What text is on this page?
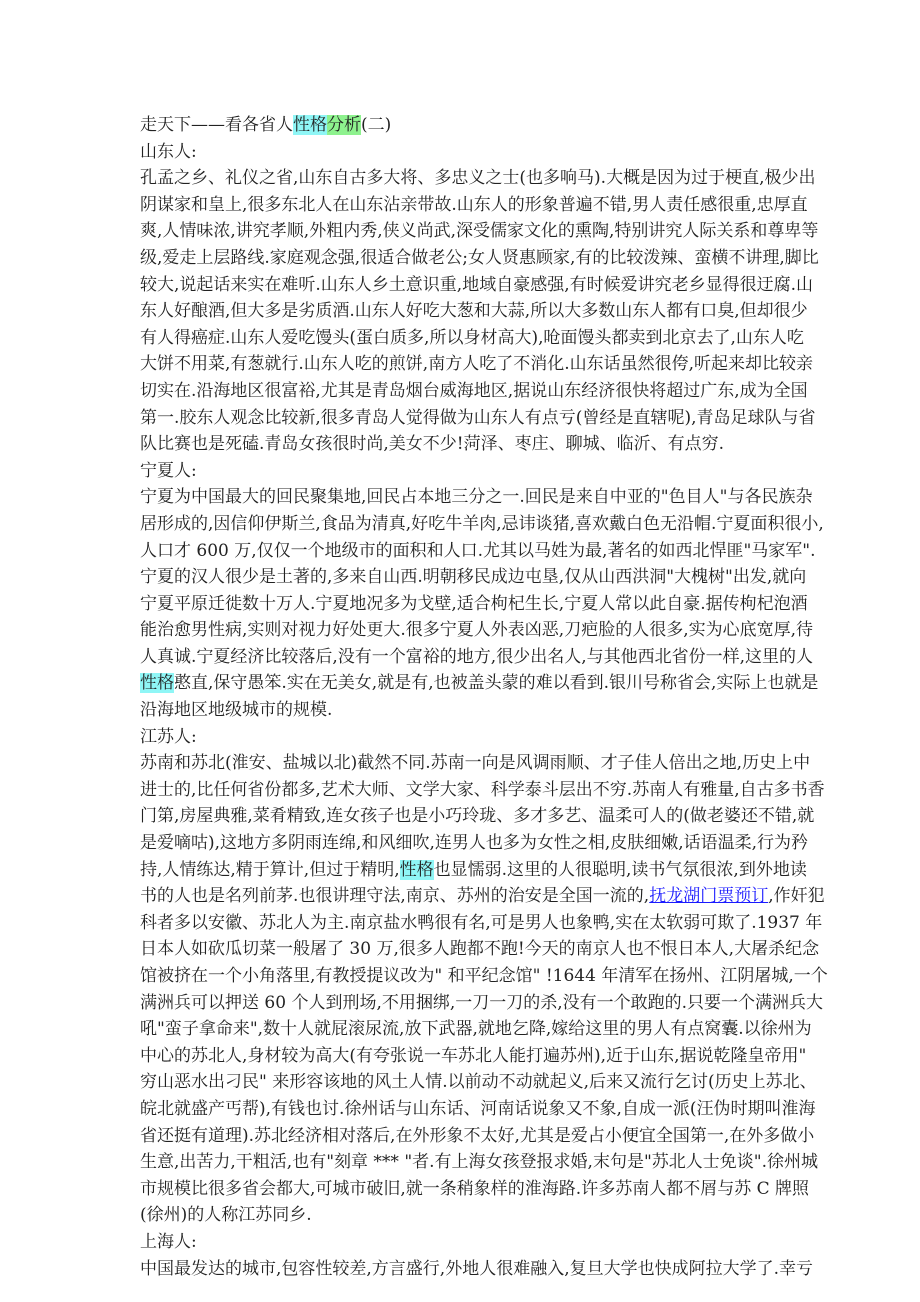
走天下——看各省人性格分析(二)
山东人:
孔孟之乡、礼仪之省,山东自古多大将、多忠义之士(也多响马).大概是因为过于梗直,极少出
阴谋家和皇上,很多东北人在山东沾亲带故.山东人的形象普遍不错,男人责任感很重,忠厚直
爽,人情味浓,讲究孝顺,外粗内秀,侠义尚武,深受儒家文化的熏陶,特别讲究人际关系和尊卑等
级,爱走上层路线.家庭观念强,很适合做老公;女人贤惠顾家,有的比较泼辣、蛮横不讲理,脚比
较大,说起话来实在难听.山东人乡土意识重,地域自豪感强,有时候爱讲究老乡显得很迂腐.山
东人好酿酒,但大多是劣质酒.山东人好吃大葱和大蒜,所以大多数山东人都有口臭,但却很少
有人得癌症.山东人爱吃馒头(蛋白质多,所以身材高大),呛面馒头都卖到北京去了,山东人吃
大饼不用菜,有葱就行.山东人吃的煎饼,南方人吃了不消化.山东话虽然很侉,听起来却比较亲
切实在.沿海地区很富裕,尤其是青岛烟台威海地区,据说山东经济很快将超过广东,成为全国
第一.胶东人观念比较新,很多青岛人觉得做为山东人有点亏(曾经是直辖呢),青岛足球队与省
队比赛也是死磕.青岛女孩很时尚,美女不少!菏泽、枣庄、聊城、临沂、有点穷.
宁夏人:
宁夏为中国最大的回民聚集地,回民占本地三分之一.回民是来自中亚的"色目人"与各民族杂
居形成的,因信仰伊斯兰,食品为清真,好吃牛羊肉,忌讳谈猪,喜欢戴白色无沿帽.宁夏面积很小,
人口才 600 万,仅仅一个地级市的面积和人口.尤其以马姓为最,著名的如西北悍匪"马家军".
宁夏的汉人很少是土著的,多来自山西.明朝移民成边屯垦,仅从山西洪洞"大槐树"出发,就向
宁夏平原迁徙数十万人.宁夏地况多为戈壁,适合枸杞生长,宁夏人常以此自豪.据传枸杞泡酒
能治愈男性病,实则对视力好处更大.很多宁夏人外表凶恶,刀疤脸的人很多,实为心底宽厚,待
人真诚.宁夏经济比较落后,没有一个富裕的地方,很少出名人,与其他西北省份一样,这里的人
性格憨直,保守愚笨.实在无美女,就是有,也被盖头蒙的难以看到.银川号称省会,实际上也就是
沿海地区地级城市的规模.
江苏人:
苏南和苏北(淮安、盐城以北)截然不同.苏南一向是风调雨顺、才子佳人倍出之地,历史上中
进士的,比任何省份都多,艺术大师、文学大家、科学泰斗层出不穷.苏南人有雅量,自古多书香
门第,房屋典雅,菜肴精致,连女孩子也是小巧玲珑、多才多艺、温柔可人的(做老婆还不错,就
是爱嘀咕),这地方多阴雨连绵,和风细吹,连男人也多为女性之相,皮肤细嫩,话语温柔,行为矜
持,人情练达,精于算计,但过于精明,性格也显懦弱.这里的人很聪明,读书气氛很浓,到外地读
书的人也是名列前茅.也很讲理守法,南京、苏州的治安是全国一流的,抚龙湖门票预订,作奸犯
科者多以安徽、苏北人为主.南京盐水鸭很有名,可是男人也象鸭,实在太软弱可欺了.1937 年
日本人如砍瓜切菜一般屠了 30 万,很多人跑都不跑!今天的南京人也不恨日本人,大屠杀纪念
馆被挤在一个小角落里,有教授提议改为" 和平纪念馆" !1644 年清军在扬州、江阴屠城,一个
满洲兵可以押送 60 个人到刑场,不用捆绑,一刀一刀的杀,没有一个敢跑的.只要一个满洲兵大
吼"蛮子拿命来",数十人就屁滚尿流,放下武器,就地乞降,嫁给这里的男人有点窝囊.以徐州为
中心的苏北人,身材较为高大(有夸张说一车苏北人能打遍苏州),近于山东,据说乾隆皇帝用"
穷山恶水出刁民" 来形容该地的风土人情.以前动不动就起义,后来又流行乞讨(历史上苏北、
皖北就盛产丐帮),有钱也讨.徐州话与山东话、河南话说象又不象,自成一派(汪伪时期叫淮海
省还挺有道理).苏北经济相对落后,在外形象不太好,尤其是爱占小便宜全国第一,在外多做小
生意,出苦力,干粗活,也有"刻章 *** "者.有上海女孩登报求婚,末句是"苏北人士免谈".徐州城
市规模比很多省会都大,可城市破旧,就一条稍象样的淮海路.许多苏南人都不屑与苏 C 牌照
(徐州)的人称江苏同乡.
上海人:
中国最发达的城市,包容性较差,方言盛行,外地人很难融入,复旦大学也快成阿拉大学了.幸亏
